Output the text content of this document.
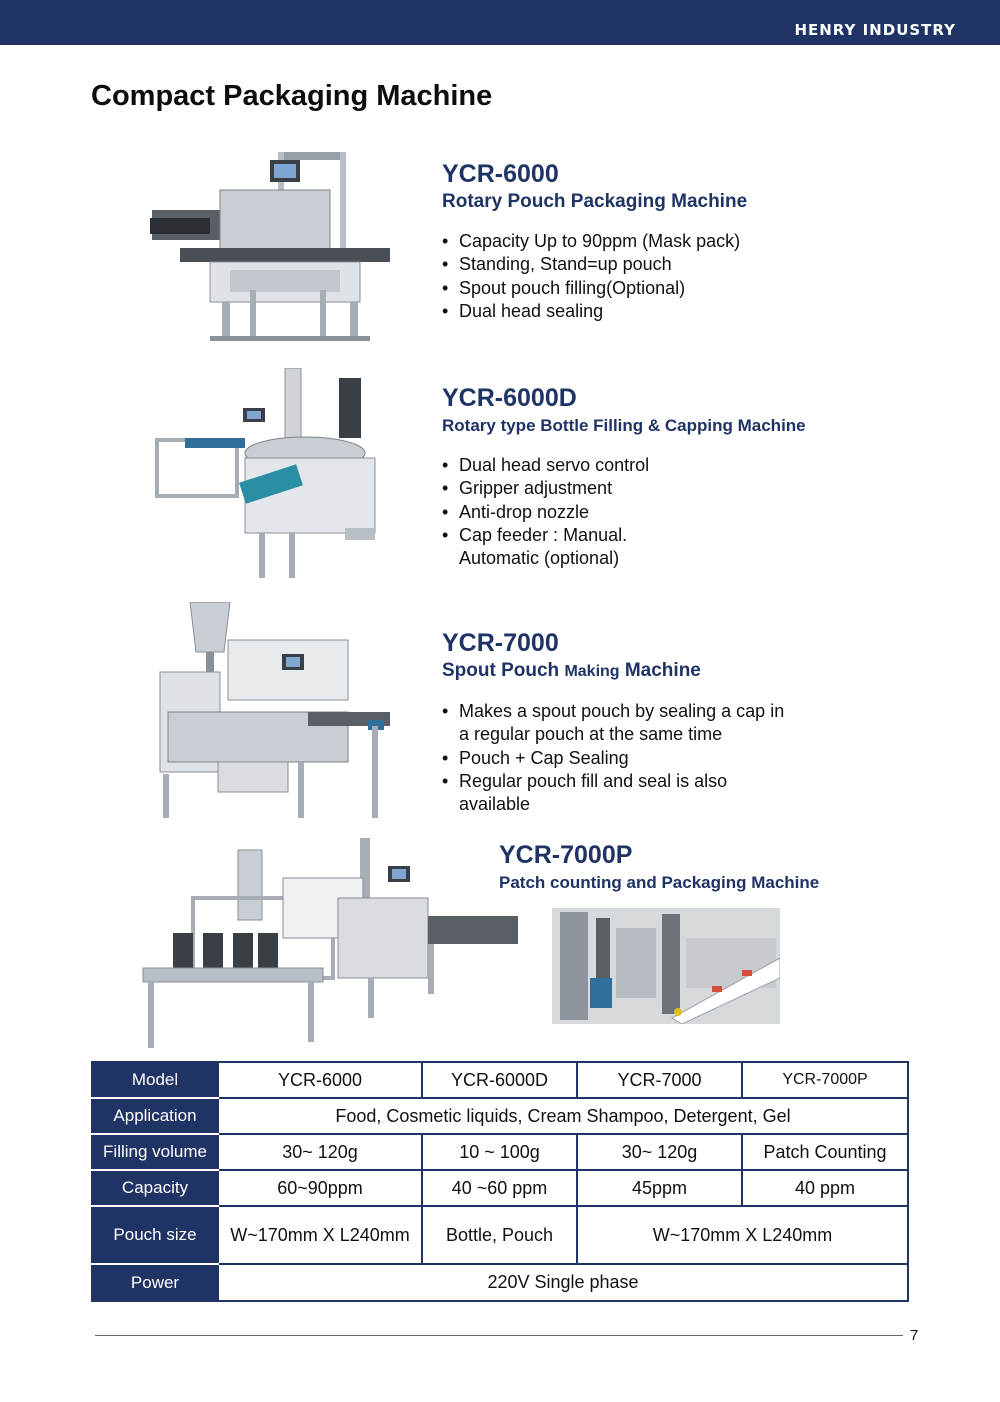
HENRY INDUSTRY
Compact Packaging Machine

YCR-6000

Rotary Pouch Packaging Machine

• Capacity Up to 90ppm (Mask pack)
• Standing, Stand=up pouch
• Spout pouch filling(Optional)
• Dual head sealing

YCR-6000D

Rotary type Bottle Filling & Capping Machine

• Dual head servo control
• Gripper adjustment
• Anti-drop nozzle
• Cap feeder : Manual.
Automatic (optional)

YCR-7000

Spout Pouch Making Machine

• Makes a spout pouch by sealing a cap in
a regular pouch at the same time
• Pouch + Cap Sealing
• Regular pouch fill and seal is also
available

YCR-7000P

Patch counting and Packaging Machine

Model	YCR-6000	YCR-6000D	YCR-7000	YCR-7000P
Application	Food, Cosmetic liquids, Cream Shampoo, Detergent, Gel			
Filling volume	30~ 120g	10 ~ 100g	30~ 120g	Patch Counting
Capacity	60~90ppm	40 ~60 ppm	45ppm	40 ppm
Pouch size	W~170mm X L240mm	Bottle, Pouch	W~170mm X L240mm	
Power	220V Single phase			
7
